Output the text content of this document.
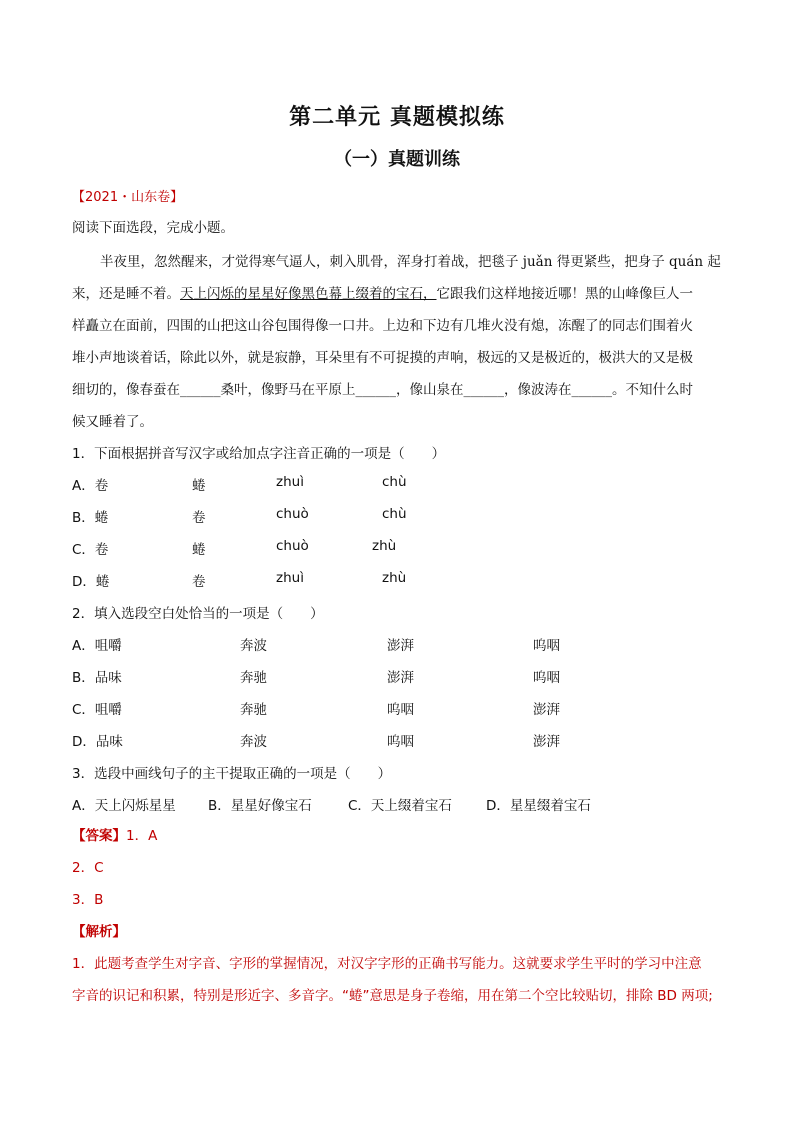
第二单元 真题模拟练
（一）真题训练
【2021・山东卷】
阅读下面选段，完成小题。
半夜里，忽然醒来，才觉得寒气逼人，刺入肌骨，浑身打着战，把毯子 juǎn 得更紧些，把身子 quán 起
来，还是睡不着。天上闪烁的星星好像黑色幕上缀着的宝石，它跟我们这样地接近哪！黑的山峰像巨人一
样矗立在面前，四围的山把这山谷包围得像一口井。上边和下边有几堆火没有熄，冻醒了的同志们围着火
堆小声地谈着话，除此以外，就是寂静，耳朵里有不可捉摸的声响，极远的又是极近的，极洪大的又是极
细切的，像春蚕在______桑叶，像野马在平原上______，像山泉在______，像波涛在______。不知什么时
候又睡着了。
1．下面根据拼音写汉字或给加点字注音正确的一项是（　　）
A．卷	蜷	zhuì	chù
B．蜷	卷	chuò	chù
C．卷	蜷	chuò	zhù
D．蜷	卷	zhuì	zhù
2．填入选段空白处恰当的一项是（　　）
A．咀嚼	奔波	澎湃	呜咽
B．品味	奔驰	澎湃	呜咽
C．咀嚼	奔驰	呜咽	澎湃
D．品味	奔波	呜咽	澎湃
3．选段中画线句子的主干提取正确的一项是（　　）
A．天上闪烁星星 B．星星好像宝石	C．天上缀着宝石	D．星星缀着宝石
【答案】1．A
2．C
3．B
【解析】
1．此题考查学生对字音、字形的掌握情况，对汉字字形的正确书写能力。这就要求学生平时的学习中注意
字音的识记和积累，特别是形近字、多音字。“蜷”意思是身子卷缩，用在第二个空比较贴切，排除 BD 两项;
